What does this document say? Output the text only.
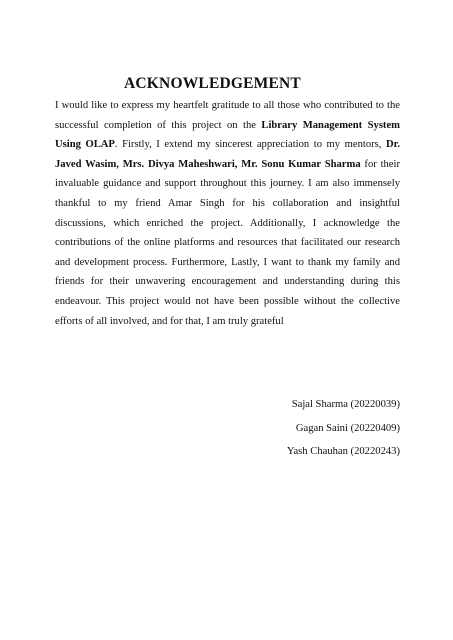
ACKNOWLEDGEMENT

I would like to express my heartfelt gratitude to all those who contributed to the successful completion of this project on the Library Management System Using OLAP. Firstly, I extend my sincerest appreciation to my mentors, Dr. Javed Wasim, Mrs. Divya Maheshwari, Mr. Sonu Kumar Sharma for their invaluable guidance and support throughout this journey. I am also immensely thankful to my friend Amar Singh for his collaboration and insightful discussions, which enriched the project. Additionally, I acknowledge the contributions of the online platforms and resources that facilitated our research and development process. Furthermore, Lastly, I want to thank my family and friends for their unwavering encouragement and understanding during this endeavour. This project would not have been possible without the collective efforts of all involved, and for that, I am truly grateful

Sajal Sharma (20220039)
Gagan Saini (20220409)
Yash Chauhan (20220243)
